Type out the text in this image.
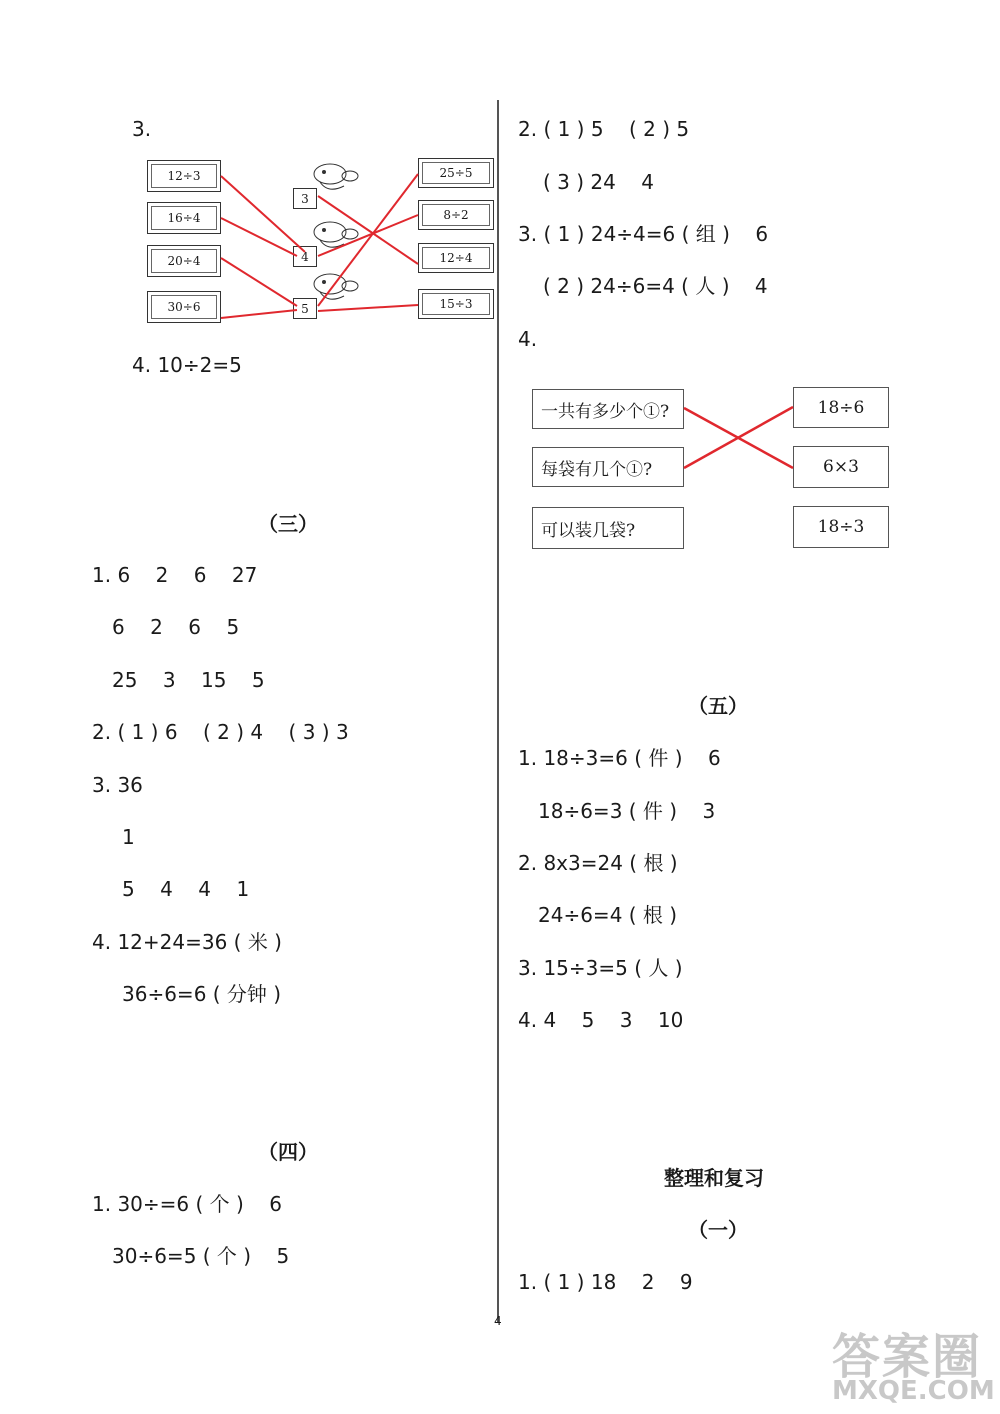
3.
12÷3
16÷4
20÷4
30÷6
3
4
5
25÷5
8÷2
12÷4
15÷3
4. 10÷2=5
（三）
1. 6    2    6    27
6    2    6    5
25    3    15    5
2. ( 1 ) 6    ( 2 ) 4    ( 3 ) 3
3. 36
1
5    4    4    1
4. 12+24=36 ( 米 )
36÷6=6 ( 分钟 )
（四）
1. 30÷=6 ( 个 )    6
30÷6=5 ( 个 )    5
2. ( 1 ) 5    ( 2 ) 5
( 3 ) 24    4
3. ( 1 ) 24÷4=6 ( 组 )    6
( 2 ) 24÷6=4 ( 人 )    4
4.
一共有多少个①?
每袋有几个①?
可以装几袋?
18÷6
6×3
18÷3
（五）
1. 18÷3=6 ( 件 )    6
18÷6=3 ( 件 )    3
2. 8x3=24 ( 根 )
24÷6=4 ( 根 )
3. 15÷3=5 ( 人 )
4. 4    5    3    10
整理和复习
（一）
1. ( 1 ) 18    2    9
4
答案圈
MXQE.COM
